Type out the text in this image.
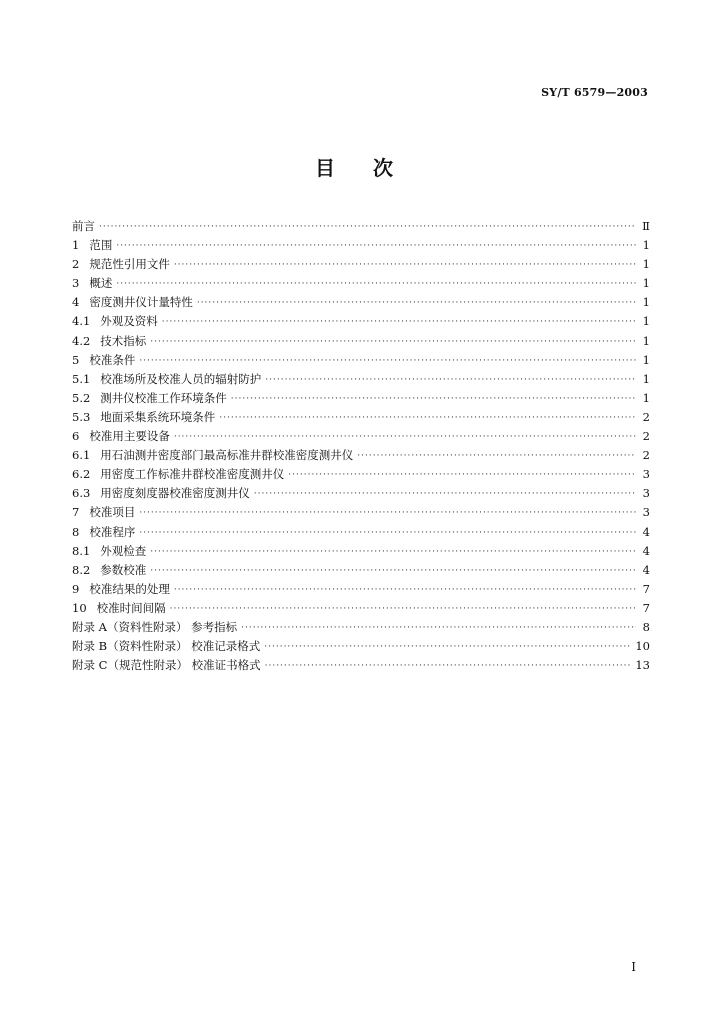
SY/T 6579—2003
目次
前言 ·····	Ⅱ
1 范围 ·····	1
2 规范性引用文件 ·····	1
3 概述 ·····	1
4 密度测井仪计量特性 ·····	1
4.1 外观及资料 ·····	1
4.2 技术指标 ·····	1
5 校准条件 ·····	1
5.1 校准场所及校准人员的辐射防护 ·····	1
5.2 测井仪校准工作环境条件 ·····	1
5.3 地面采集系统环境条件 ·····	2
6 校准用主要设备 ·····	2
6.1 用石油测井密度部门最高标准井群校准密度测井仪 ·····	2
6.2 用密度工作标准井群校准密度测井仪 ·····	3
6.3 用密度刻度器校准密度测井仪 ·····	3
7 校准项目 ·····	3
8 校准程序 ·····	4
8.1 外观检查 ·····	4
8.2 参数校准 ·····	4
9 校准结果的处理 ·····	7
10 校准时间间隔 ·····	7
附录 A（资料性附录） 参考指标 ·····	8
附录 B（资料性附录） 校准记录格式 ·····	10
附录 C（规范性附录） 校准证书格式 ·····	13
I
